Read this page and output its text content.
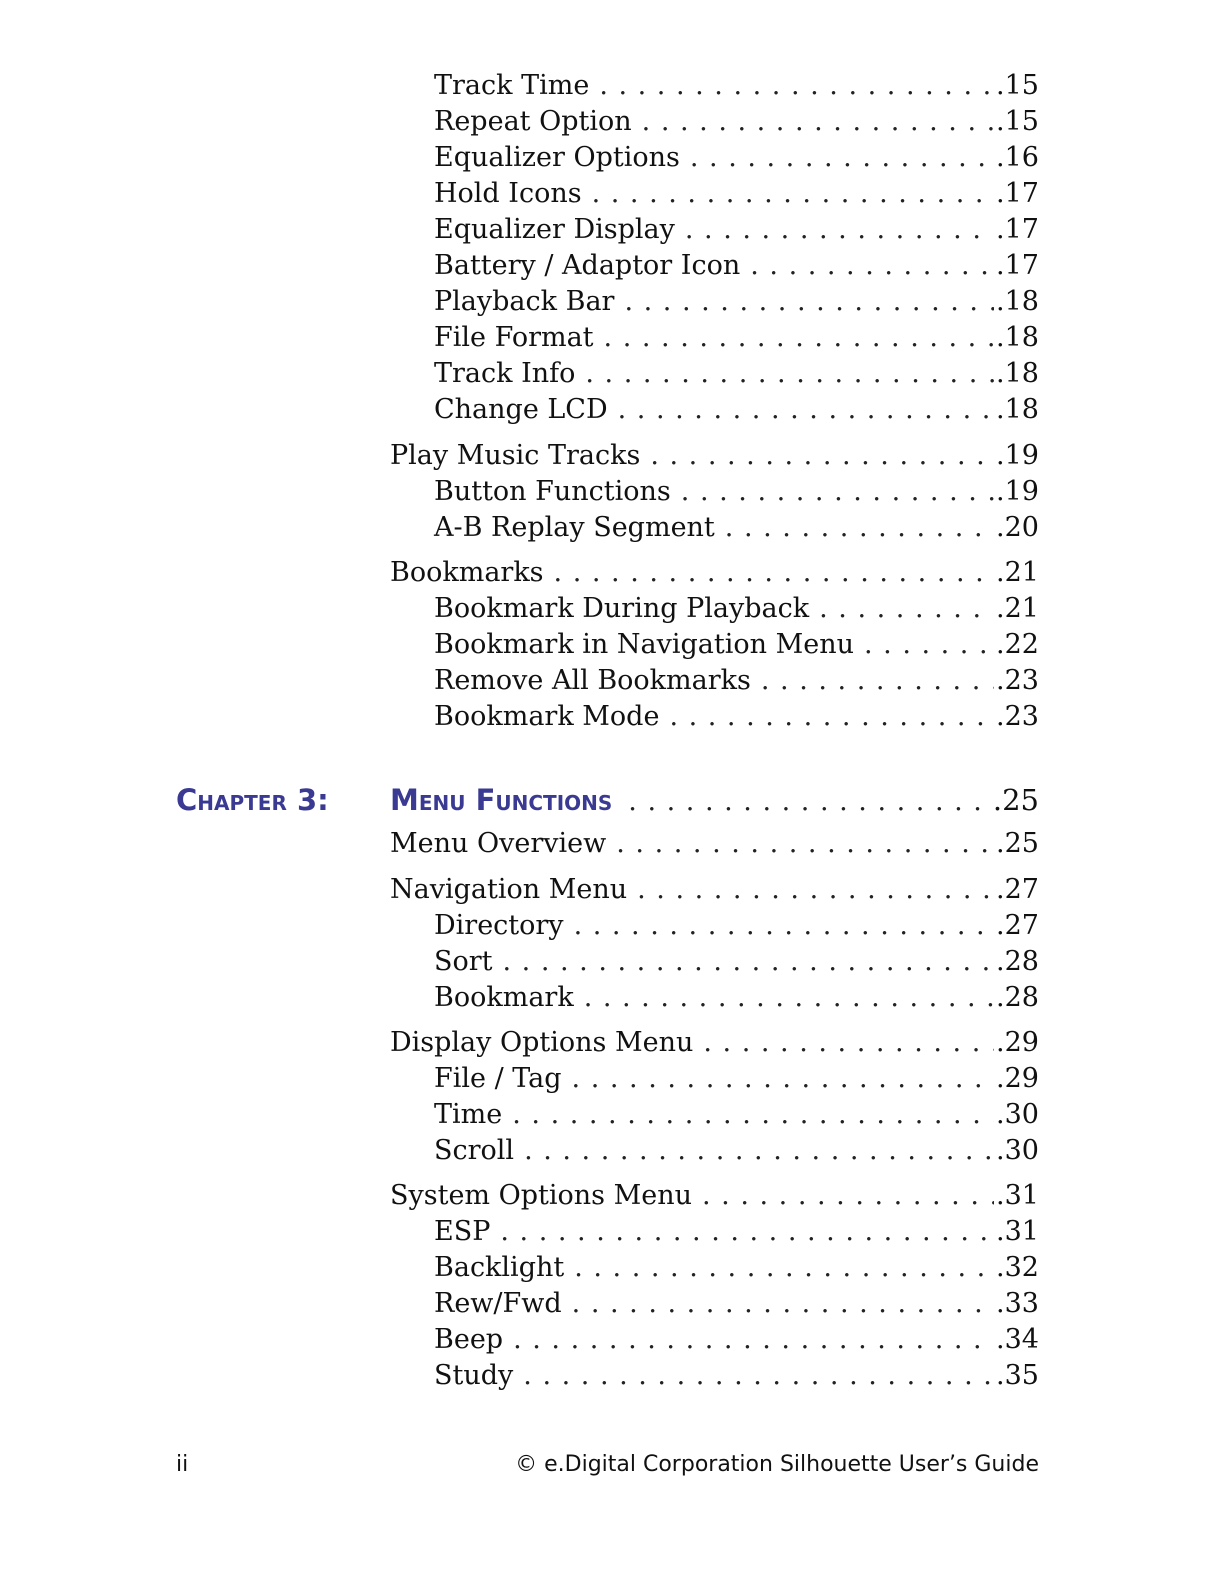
Track Time . . .	.15
Repeat Option . . .	.15
Equalizer Options . . .	.16
Hold Icons . . .	.17
Equalizer Display . . .	.17
Battery / Adaptor Icon . . .	.17
Playback Bar . . .	.18
File Format . . .	.18
Track Info . . .	.18
Change LCD . . .	.18
Play Music Tracks . . .	.19
Button Functions . . .	.19
A-B Replay Segment . . .	.20
Bookmarks . . .	.21
Bookmark During Playback . . .	.21
Bookmark in Navigation Menu . . .	.22
Remove All Bookmarks . . .	.23
Bookmark Mode . . .	.23
Chapter 3: Menu Functions . . .	.25
Menu Overview . . .	.25
Navigation Menu . . .	.27
Directory . . .	.27
Sort . . .	.28
Bookmark . . .	.28
Display Options Menu . . .	.29
File / Tag . . .	.29
Time . . .	.30
Scroll . . .	.30
System Options Menu . . .	.31
ESP . . .	.31
Backlight . . .	.32
Rew/Fwd . . .	.33
Beep . . .	.34
Study . . .	.35
ii	© e.Digital Corporation Silhouette User’s Guide
